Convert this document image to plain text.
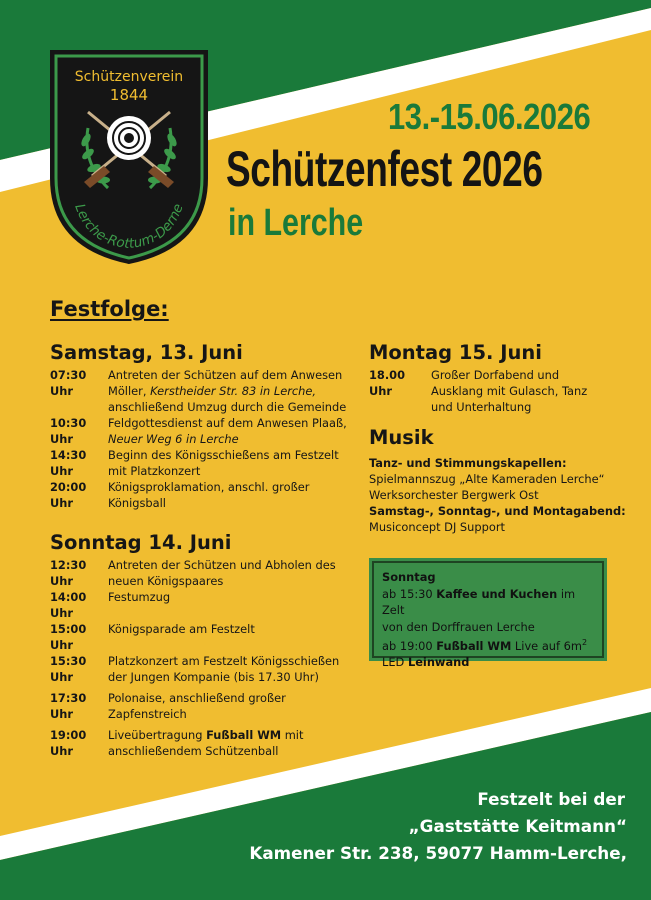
Schützenverein
1844
Lerche-Rottum-Derne
13.-15.06.2026
Schützenfest 2026
in Lerche
Festfolge:
Samstag, 13. Juni
07:30 Uhr
Antreten der Schützen auf dem Anwesen Möller, Kerstheider Str. 83 in Lerche, anschließend Umzug durch die Gemeinde
10:30 Uhr
Feldgottesdienst auf dem Anwesen Plaaß, Neuer Weg 6 in Lerche
14:30 Uhr
Beginn des Königsschießens am Festzelt mit Platzkonzert
20:00 Uhr
Königsproklamation, anschl. großer Königsball
Sonntag 14. Juni
12:30 Uhr
Antreten der Schützen und Abholen des neuen Königspaares
14:00 Uhr
Festumzug
15:00 Uhr
Königsparade am Festzelt
15:30 Uhr
Platzkonzert am Festzelt Königsschießen der Jungen Kompanie (bis 17.30 Uhr)
17:30 Uhr
Polonaise, anschließend großer Zapfenstreich
19:00 Uhr
Liveübertragung Fußball WM mit anschließendem Schützenball
Montag 15. Juni
18.00 Uhr
Großer Dorfabend und Ausklang mit Gulasch, Tanz und Unterhaltung
Musik
Tanz- und Stimmungskapellen:
Spielmannszug „Alte Kameraden Lerche“
Werksorchester Bergwerk Ost
Samstag-, Sonntag-, und Montagabend:
Musiconcept DJ Support
Sonntag
ab 15:30 Kaffee und Kuchen im Zelt
von den Dorffrauen Lerche
ab 19:00 Fußball WM Live auf $6m^2$
LED Leinwand
Festzelt bei der
„Gaststätte Keitmann“
Kamener Str. 238, 59077 Hamm-Lerche,
